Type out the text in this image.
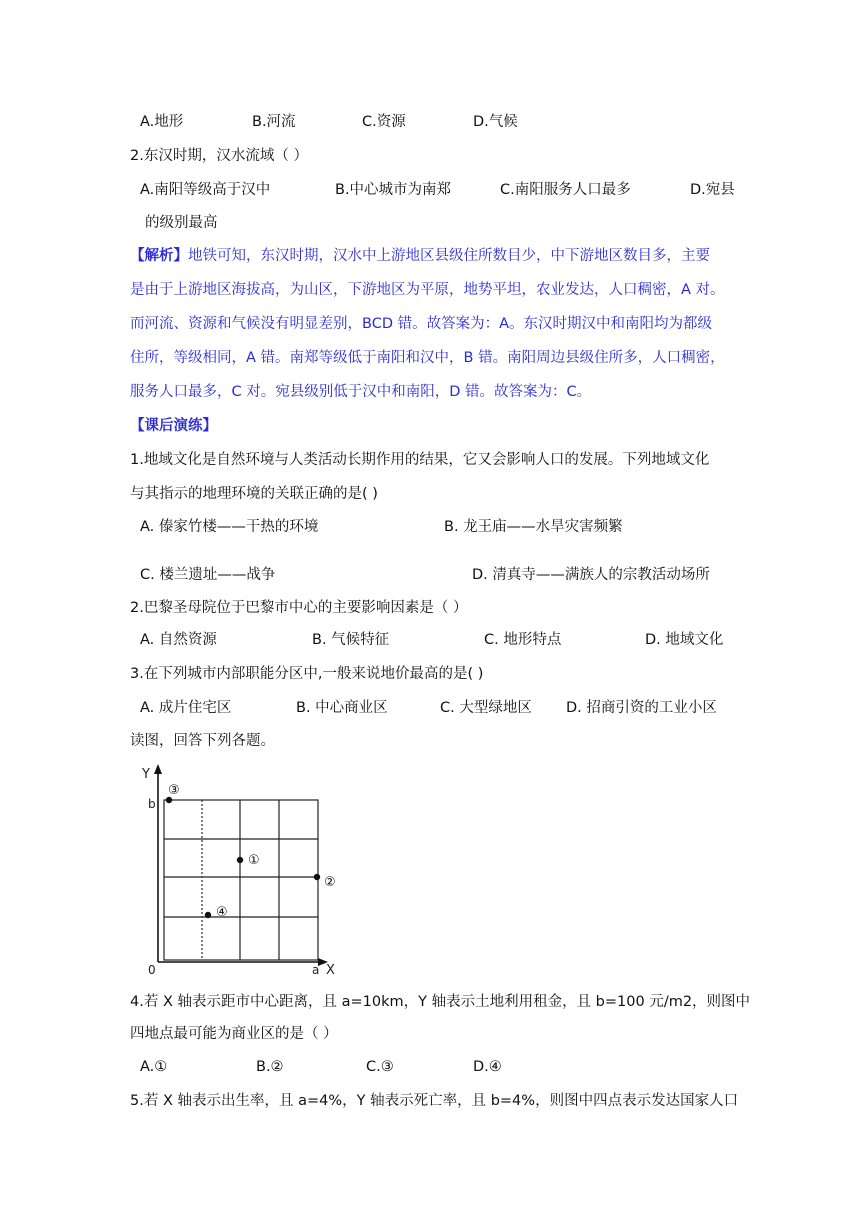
A.地形	B.河流	C.资源	D.气候
2.东汉时期，汉水流域（ ）
A.南阳等级高于汉中	B.中心城市为南郑	C.南阳服务人口最多	D.宛县
的级别最高
【解析】地铁可知，东汉时期，汉水中上游地区县级住所数目少，中下游地区数目多，主要
是由于上游地区海拔高，为山区，下游地区为平原，地势平坦，农业发达，人口稠密，A 对。
而河流、资源和气候没有明显差别，BCD 错。故答案为：A。东汉时期汉中和南阳均为都级
住所，等级相同，A 错。南郑等级低于南阳和汉中，B 错。南阳周边县级住所多，人口稠密，
服务人口最多，C 对。宛县级别低于汉中和南阳，D 错。故答案为：C。
【课后演练】
1.地域文化是自然环境与人类活动长期作用的结果，它又会影响人口的发展。下列地域文化
与其指示的地理环境的关联正确的是( )
A. 傣家竹楼——干热的环境	B. 龙王庙——水旱灾害频繁
C. 楼兰遗址——战争	D. 清真寺——满族人的宗教活动场所
2.巴黎圣母院位于巴黎市中心的主要影响因素是（ ）
A. 自然资源	B. 气候特征	C. 地形特点	D. 地域文化
3.在下列城市内部职能分区中,一般来说地价最高的是( )
A. 成片住宅区	B. 中心商业区	C. 大型绿地区 D. 招商引资的工业小区
读图，回答下列各题。
Y
b
0	a X
③
①
②
④
4.若 X 轴表示距市中心距离，且 a=10km，Y 轴表示土地利用租金，且 b=100 元/m2，则图中
四地点最可能为商业区的是（ ）
A.①	B.②	C.③	D.④
5.若 X 轴表示出生率，且 a=4%，Y 轴表示死亡率，且 b=4%，则图中四点表示发达国家人口
